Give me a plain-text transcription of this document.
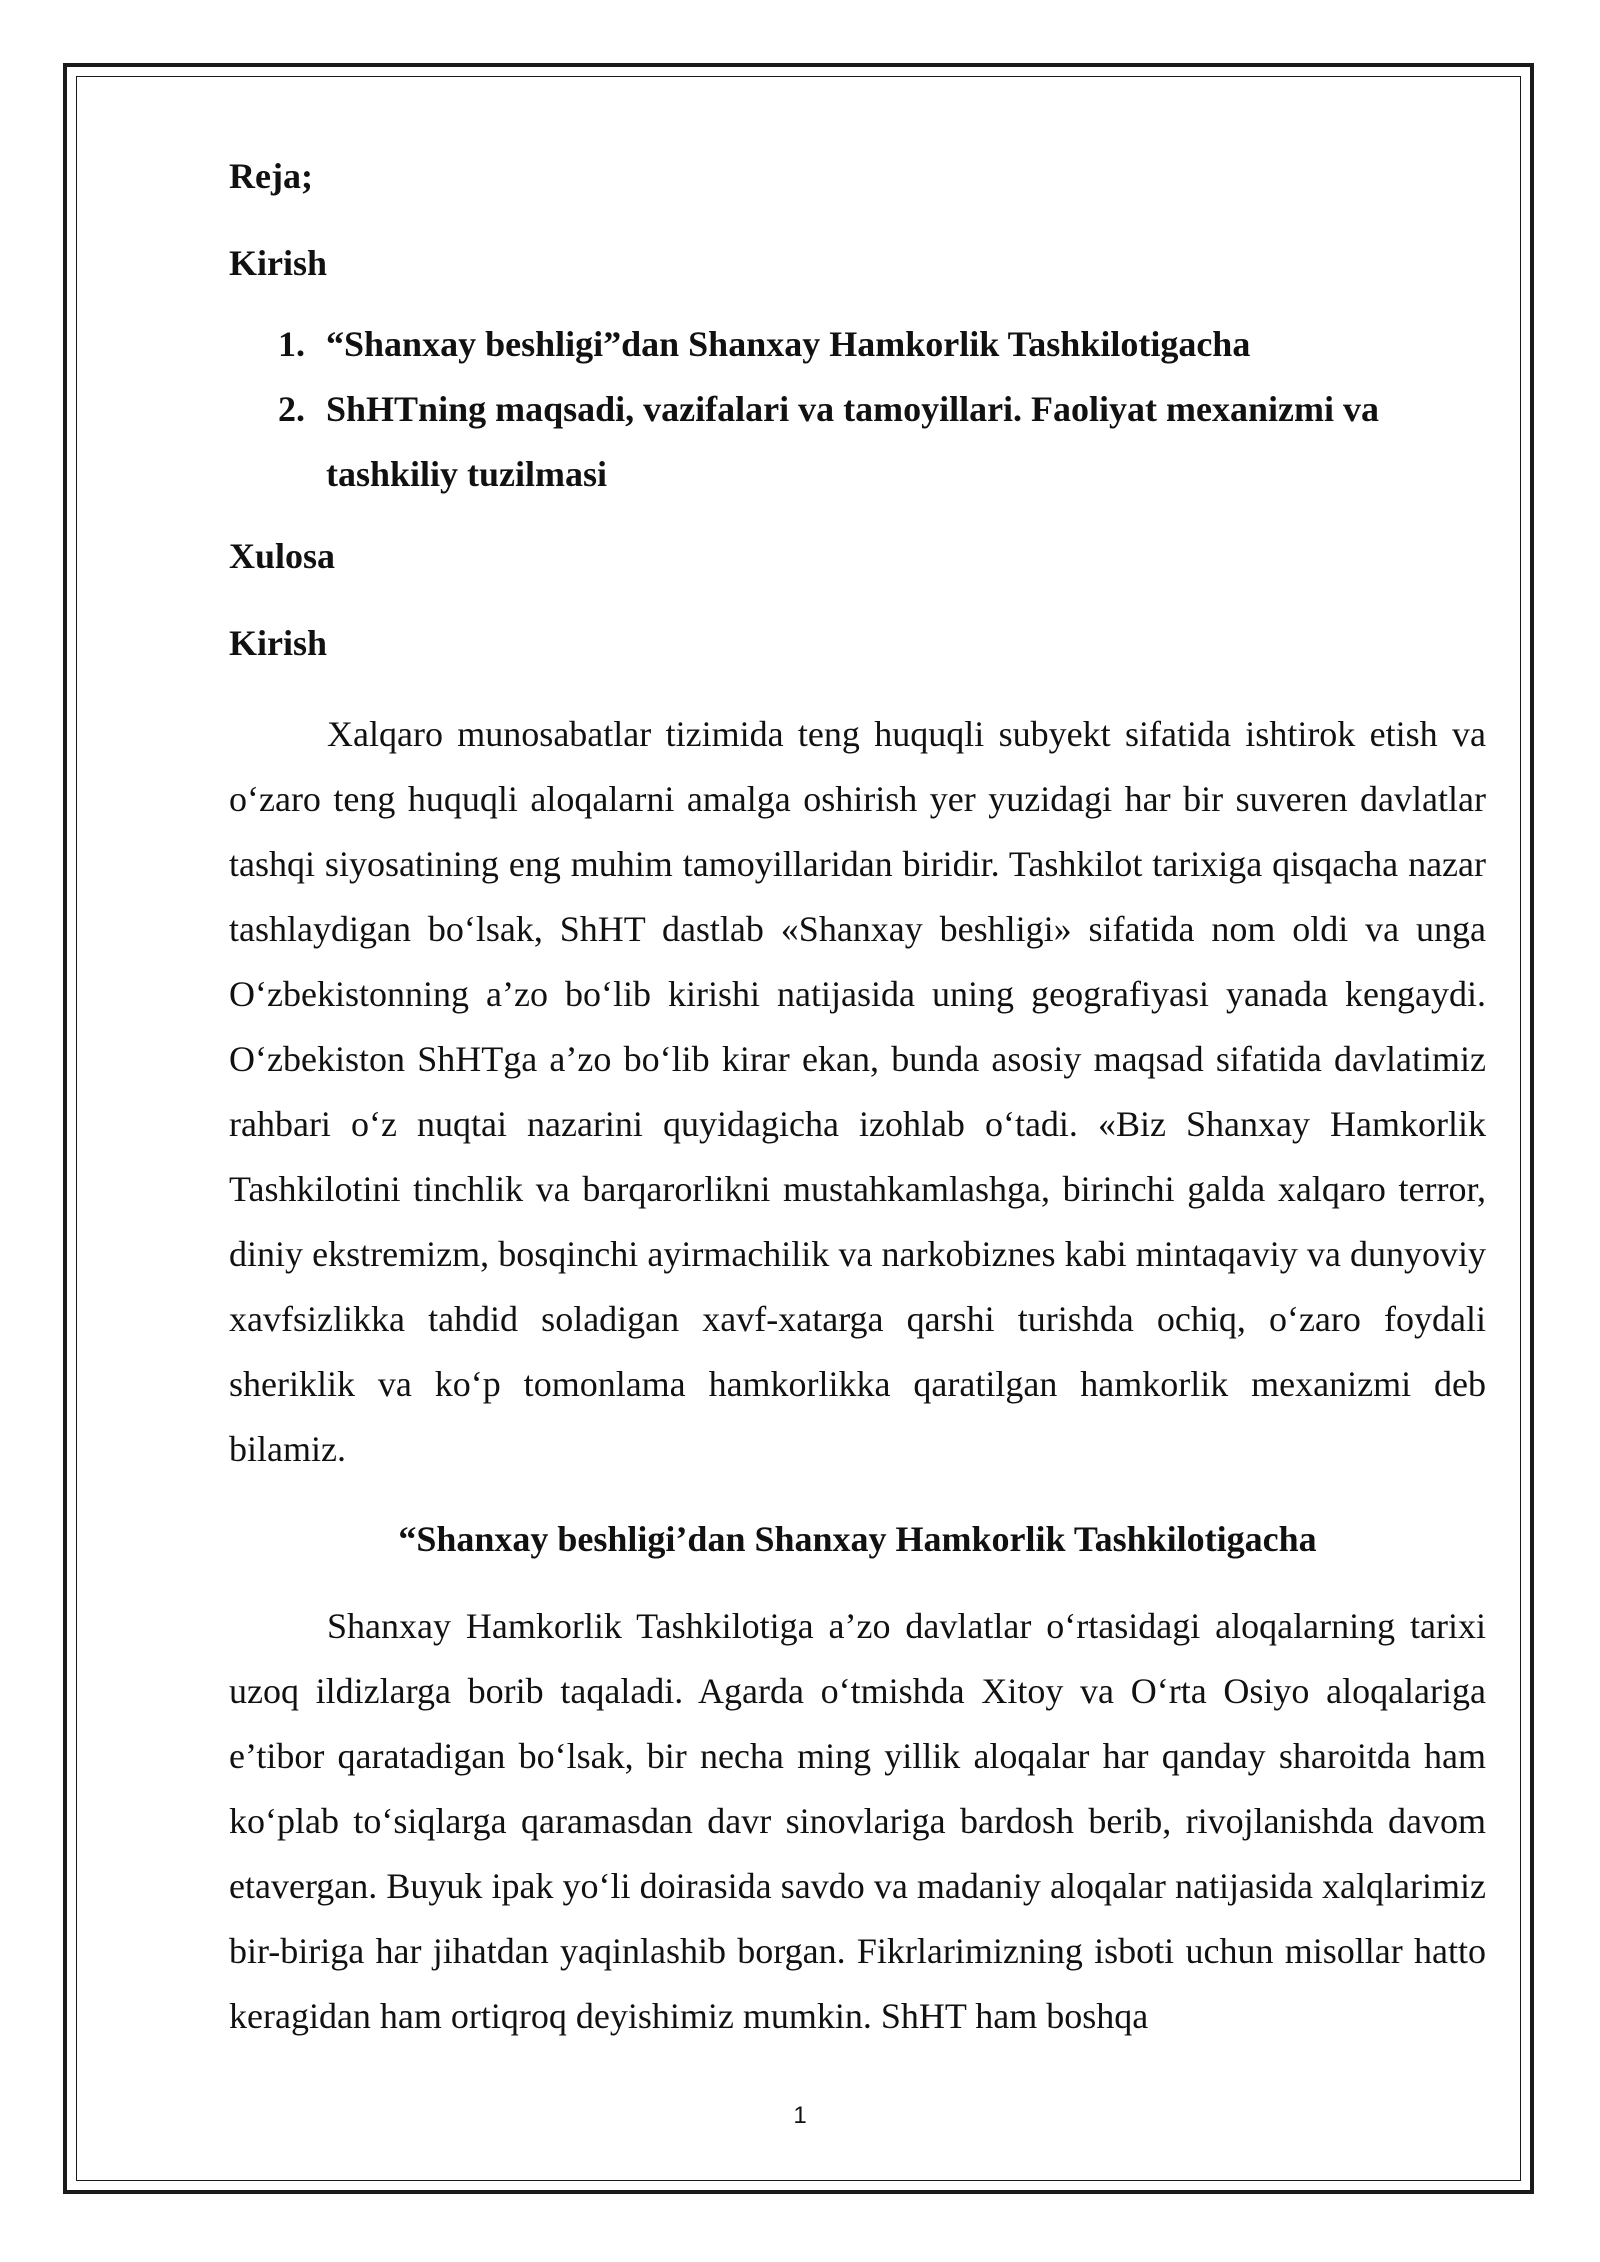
Reja;
Kirish
1. “Shanxay beshligi”dan Shanxay Hamkorlik Tashkilotigacha
2. ShHTning maqsadi, vazifalari va tamoyillari. Faoliyat mexanizmi va tashkiliy tuzilmasi
Xulosa
Kirish

Xalqaro munosabatlar tizimida teng huquqli subyekt sifatida ishtirok etish va o‘zaro teng huquqli aloqalarni amalga oshirish yer yuzidagi har bir suveren davlatlar tashqi siyosatining eng muhim tamoyillaridan biridir. Tashkilot tarixiga qisqacha nazar tashlaydigan bo‘lsak, ShHT dastlab «Shanxay beshligi» sifatida nom oldi va unga O‘zbekistonning a’zo bo‘lib kirishi natijasida uning geografiyasi yanada kengaydi. O‘zbekiston ShHTga a’zo bo‘lib kirar ekan, bunda asosiy maqsad sifatida davlatimiz rahbari o‘z nuqtai nazarini quyidagicha izohlab o‘tadi. «Biz Shanxay Hamkorlik Tashkilotini tinchlik va barqarorlikni mustahkamlashga, birinchi galda xalqaro terror, diniy ekstremizm, bosqinchi ayirmachilik va narkobiznes kabi mintaqaviy va dunyoviy xavfsizlikka tahdid soladigan xavf-xatarga qarshi turishda ochiq, o‘zaro foydali sheriklik va ko‘p tomonlama hamkorlikka qaratilgan hamkorlik mexanizmi deb bilamiz.

“Shanxay beshligi’dan Shanxay Hamkorlik Tashkilotigacha

Shanxay Hamkorlik Tashkilotiga a’zo davlatlar o‘rtasidagi aloqalarning tarixi uzoq ildizlarga borib taqaladi. Agarda o‘tmishda Xitoy va O‘rta Osiyo aloqalariga e’tibor qaratadigan bo‘lsak, bir necha ming yillik aloqalar har qanday sharoitda ham ko‘plab to‘siqlarga qaramasdan davr sinovlariga bardosh berib, rivojlanishda davom etavergan. Buyuk ipak yo‘li doirasida savdo va madaniy aloqalar natijasida xalqlarimiz bir-biriga har jihatdan yaqinlashib borgan. Fikrlarimizning isboti uchun misollar hatto keragidan ham ortiqroq deyishimiz mumkin. ShHT ham boshqa

1
